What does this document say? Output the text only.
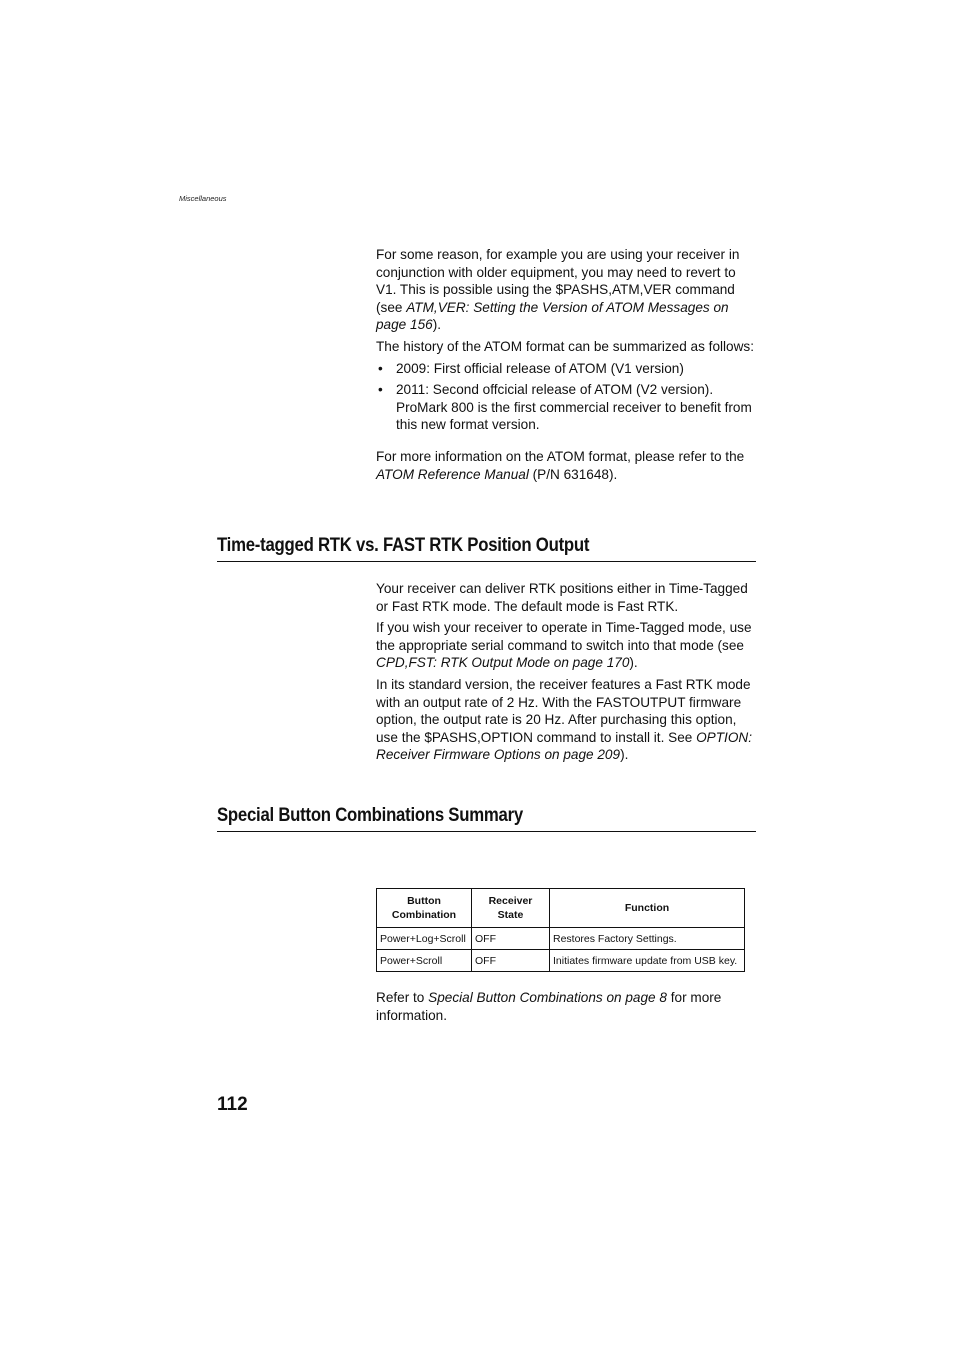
Miscellaneous

For some reason, for example you are using your receiver in conjunction with older equipment, you may need to revert to V1. This is possible using the $PASHS,ATM,VER command (see ATM,VER: Setting the Version of ATOM Messages on page 156).

The history of the ATOM format can be summarized as follows:

• 2009: First official release of ATOM (V1 version)
• 2011: Second offcicial release of ATOM (V2 version). ProMark 800 is the first commercial receiver to benefit from this new format version.

For more information on the ATOM format, please refer to the ATOM Reference Manual (P/N 631648).

Time-tagged RTK vs. FAST RTK Position Output

Your receiver can deliver RTK positions either in Time-Tagged or Fast RTK mode. The default mode is Fast RTK.

If you wish your receiver to operate in Time-Tagged mode, use the appropriate serial command to switch into that mode (see CPD,FST: RTK Output Mode on page 170).

In its standard version, the receiver features a Fast RTK mode with an output rate of 2 Hz. With the FASTOUTPUT firmware option, the output rate is 20 Hz. After purchasing this option, use the $PASHS,OPTION command to install it. See OPTION: Receiver Firmware Options on page 209).

Special Button Combinations Summary
Button Combination	Receiver State	Function
Power+Log+Scroll	OFF	Restores Factory Settings.
Power+Scroll	OFF	Initiates firmware update from USB key.

Refer to Special Button Combinations on page 8 for more information.

112
